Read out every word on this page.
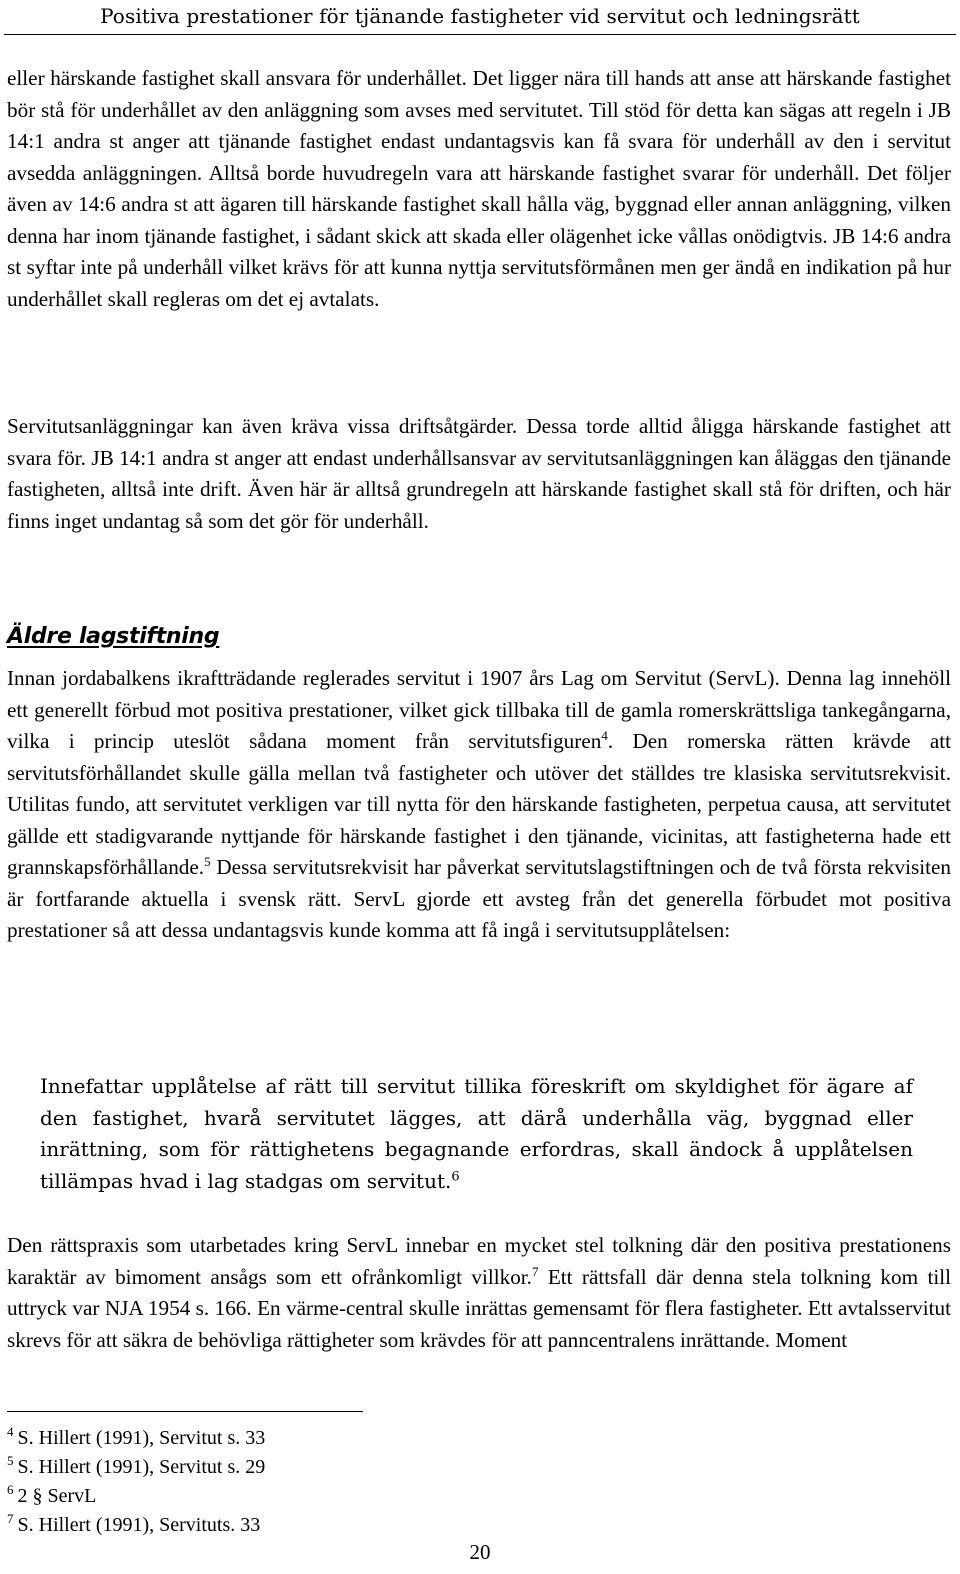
Positiva prestationer för tjänande fastigheter vid servitut och ledningsrätt

eller härskande fastighet skall ansvara för underhållet. Det ligger nära till hands att anse att härskande fastighet bör stå för underhållet av den anläggning som avses med servitutet. Till stöd för detta kan sägas att regeln i JB 14:1 andra st anger att tjänande fastighet endast undantagsvis kan få svara för underhåll av den i servitut avsedda anläggningen. Alltså borde huvudregeln vara att härskande fastighet svarar för underhåll. Det följer även av 14:6 andra st att ägaren till härskande fastighet skall hålla väg, byggnad eller annan anläggning, vilken denna har inom tjänande fastighet, i sådant skick att skada eller olägenhet icke vållas onödigtvis. JB 14:6 andra st syftar inte på underhåll vilket krävs för att kunna nyttja servitutsförmånen men ger ändå en indikation på hur underhållet skall regleras om det ej avtalats.

Servitutsanläggningar kan även kräva vissa driftsåtgärder. Dessa torde alltid åligga härskande fastighet att svara för. JB 14:1 andra st anger att endast underhållsansvar av servitutsanläggningen kan åläggas den tjänande fastigheten, alltså inte drift. Även här är alltså grundregeln att härskande fastighet skall stå för driften, och här finns inget undantag så som det gör för underhåll.

Äldre lagstiftning

Innan jordabalkens ikraftträdande reglerades servitut i 1907 års Lag om Servitut (ServL). Denna lag innehöll ett generellt förbud mot positiva prestationer, vilket gick tillbaka till de gamla romerskrättsliga tankegångarna, vilka i princip uteslöt sådana moment från servitutsfiguren$^4$. Den romerska rätten krävde att servitutsförhållandet skulle gälla mellan två fastigheter och utöver det ställdes tre klasiska servitutsrekvisit. Utilitas fundo, att servitutet verkligen var till nytta för den härskande fastigheten, perpetua causa, att servitutet gällde ett stadigvarande nyttjande för härskande fastighet i den tjänande, vicinitas, att fastigheterna hade ett grannskapsförhållande.$^5$ Dessa servitutsrekvisit har påverkat servitutslagstiftningen och de två första rekvisiten är fortfarande aktuella i svensk rätt. ServL gjorde ett avsteg från det generella förbudet mot positiva prestationer så att dessa undantagsvis kunde komma att få ingå i servitutsupplåtelsen:

Innefattar upplåtelse af rätt till servitut tillika föreskrift om skyldighet för ägare af den fastighet, hvarå servitutet lägges, att därå underhålla väg, byggnad eller inrättning, som för rättighetens begagnande erfordras, skall ändock å upplåtelsen tillämpas hvad i lag stadgas om servitut.$^6$

Den rättspraxis som utarbetades kring ServL innebar en mycket stel tolkning där den positiva prestationens karaktär av bimoment ansågs som ett ofrånkomligt villkor.$^7$ Ett rättsfall där denna stela tolkning kom till uttryck var NJA 1954 s. 166. En värme-central skulle inrättas gemensamt för flera fastigheter. Ett avtalsservitut skrevs för att säkra de behövliga rättigheter som krävdes för att panncentralens inrättande. Moment

$^4$ S. Hillert (1991), Servitut s. 33
$^5$ S. Hillert (1991), Servitut s. 29
$^6$ 2 § ServL
$^7$ S. Hillert (1991), Servituts. 33
20
